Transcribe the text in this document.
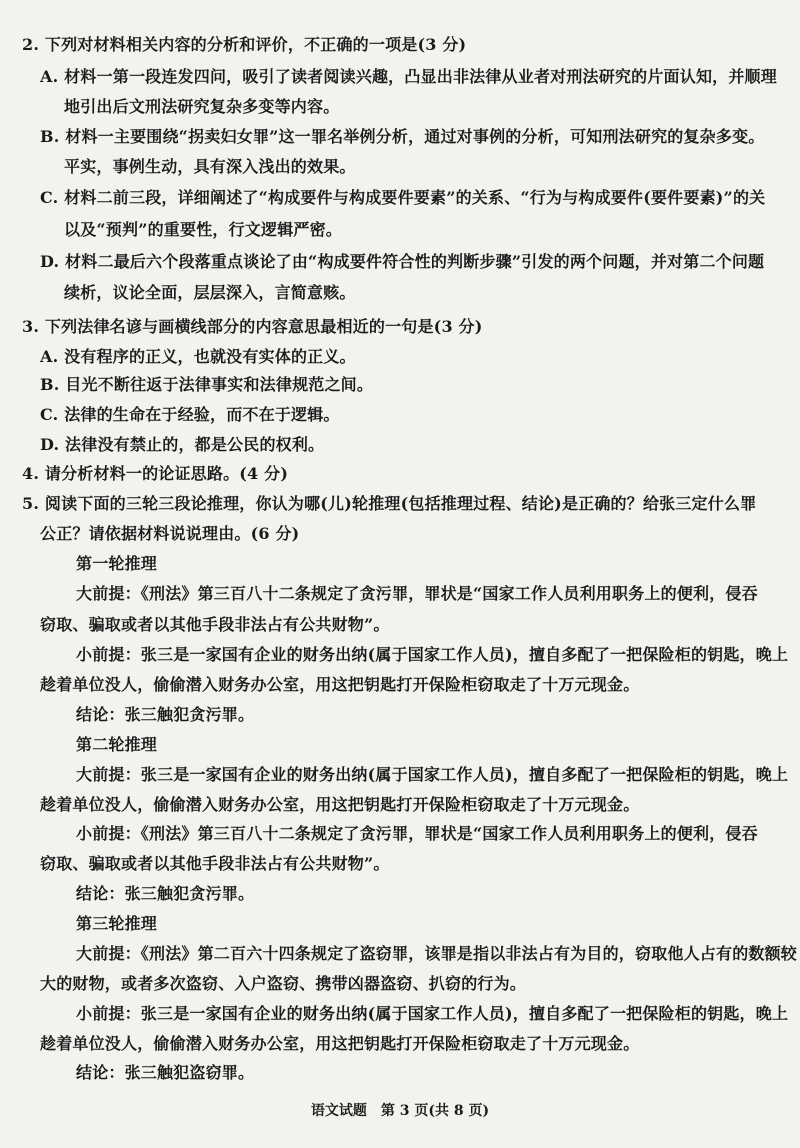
2. 下列对材料相关内容的分析和评价，不正确的一项是(3 分)
A. 材料一第一段连发四问，吸引了读者阅读兴趣，凸显出非法律从业者对刑法研究的片面认知，并顺理
地引出后文刑法研究复杂多变等内容。
B. 材料一主要围绕“拐卖妇女罪”这一罪名举例分析，通过对事例的分析，可知刑法研究的复杂多变。
平实，事例生动，具有深入浅出的效果。
C. 材料二前三段，详细阐述了“构成要件与构成要件要素”的关系、“行为与构成要件(要件要素)”的关
以及“预判”的重要性，行文逻辑严密。
D. 材料二最后六个段落重点谈论了由“构成要件符合性的判断步骤”引发的两个问题，并对第二个问题
续析，议论全面，层层深入，言简意赅。
3. 下列法律名谚与画横线部分的内容意思最相近的一句是(3 分)
A. 没有程序的正义，也就没有实体的正义。
B. 目光不断往返于法律事实和法律规范之间。
C. 法律的生命在于经验，而不在于逻辑。
D. 法律没有禁止的，都是公民的权利。
4. 请分析材料一的论证思路。(4 分)
5. 阅读下面的三轮三段论推理，你认为哪(儿)轮推理(包括推理过程、结论)是正确的？给张三定什么罪
公正？请依据材料说说理由。(6 分)
第一轮推理
大前提：《刑法》第三百八十二条规定了贪污罪，罪状是“国家工作人员利用职务上的便利，侵吞
窃取、骗取或者以其他手段非法占有公共财物”。
小前提：张三是一家国有企业的财务出纳(属于国家工作人员)，擅自多配了一把保险柜的钥匙，晚上
趁着单位没人，偷偷潜入财务办公室，用这把钥匙打开保险柜窃取走了十万元现金。
结论：张三触犯贪污罪。
第二轮推理
大前提：张三是一家国有企业的财务出纳(属于国家工作人员)，擅自多配了一把保险柜的钥匙，晚上
趁着单位没人，偷偷潜入财务办公室，用这把钥匙打开保险柜窃取走了十万元现金。
小前提：《刑法》第三百八十二条规定了贪污罪，罪状是“国家工作人员利用职务上的便利，侵吞
窃取、骗取或者以其他手段非法占有公共财物”。
结论：张三触犯贪污罪。
第三轮推理
大前提：《刑法》第二百六十四条规定了盗窃罪，该罪是指以非法占有为目的，窃取他人占有的数额较
大的财物，或者多次盗窃、入户盗窃、携带凶器盗窃、扒窃的行为。
小前提：张三是一家国有企业的财务出纳(属于国家工作人员)，擅自多配了一把保险柜的钥匙，晚上
趁着单位没人，偷偷潜入财务办公室，用这把钥匙打开保险柜窃取走了十万元现金。
结论：张三触犯盗窃罪。
语文试题　第 3 页(共 8 页)
